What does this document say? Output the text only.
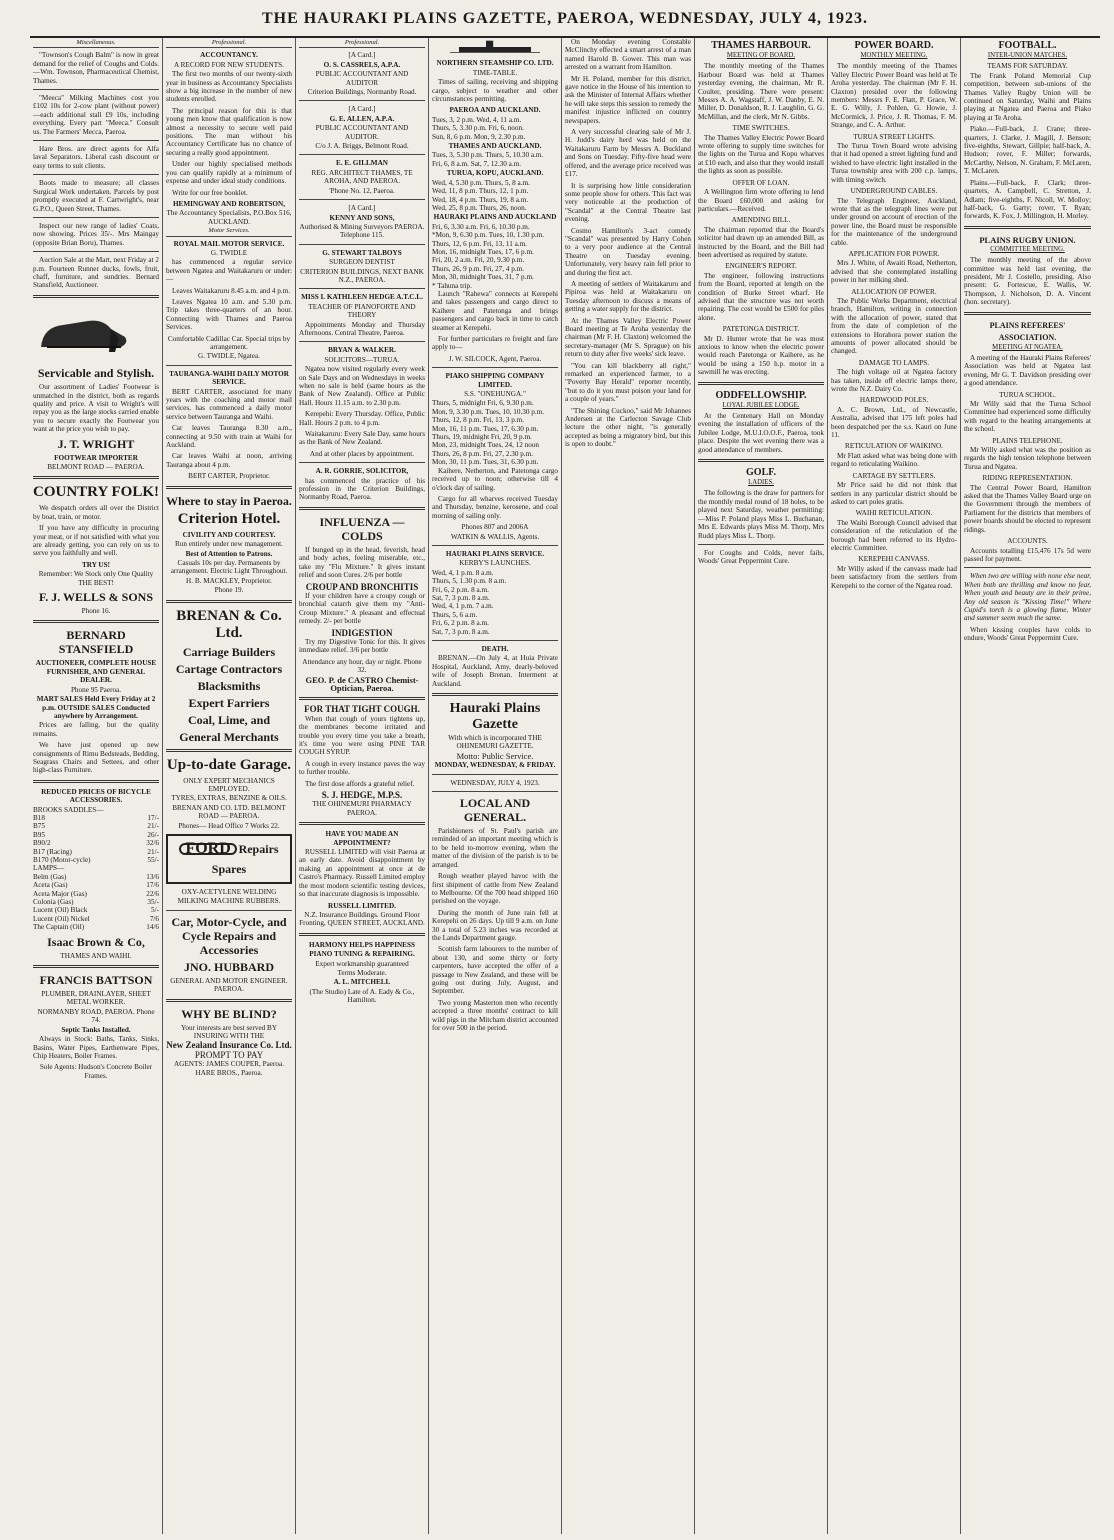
THE HAURAKI PLAINS GAZETTE, PAEROA, WEDNESDAY, JULY 4, 1923.
Miscellaneous.

"Townson's Cough Balm" is now in great demand for the relief of Coughs and Colds.—Wm. Townson, Pharmaceutical Chemist, Thames.

"Meeca" Milking Machines cost you £102 10s for 2-cow plant (without power)—each additional stall £9 10s, including everything. Every part "Meeca." Consult us. The Farmers' Mecca, Paeroa.

Hare Bros. are direct agents for Alfa laval Separators. Liberal cash discount or easy terms to suit clients.

Boots made to measure; all classes Surgical Work undertaken. Parcels by post promptly executed at F. Cartwright's, near G.P.O., Queen Street, Thames.

Inspect our new range of ladies' Coats, now showing. Prices 35/-. Mrs Maingay (opposite Brian Boru), Thames.

Auction Sale at the Mart, next Friday at 2 p.m. Fourteen Runner ducks, fowls, fruit, chaff, furniture, and sundries. Bernard Stansfield, Auctioneer.

Servicable and Stylish.

Our assortment of Ladies' Footwear is unmatched in the district, both as regards quality and price. A visit to Wright's will repay you as the large stocks carried enable you to secure exactly the Footwear you want at the price you wish to pay.

J. T. WRIGHT
FOOTWEAR IMPORTER
BELMONT ROAD — PAEROA.
COUNTRY FOLK!

We despatch orders all over the District by boat, train, or motor.

If you have any difficulty in procuring your meat, or if not satisfied with what you are already getting, you can rely on us to serve you faithfully and well.

TRY US!
Remember: We Stock only One Quality THE BEST!
F. J. WELLS & SONS
Phone 16.
BERNARD STANSFIELD
AUCTIONEER, COMPLETE HOUSE FURNISHER, AND GENERAL DEALER.
Phone 95 Paeroa.
MART SALES Held Every Friday at 2 p.m. OUTSIDE SALES Conducted anywhere by Arrangement.

Prices are falling, but the quality remains.

We have just opened up new consignments of Rimu Bedsteads, Bedding, Seagrass Chairs and Settees, and other high-class Furniture.

REDUCED PRICES OF BICYCLE ACCESSORIES.
BROOKS SADDLES—
B18	17/-
B75	21/-
B95	26/-
B90/2	32/6
B17 (Racing)	21/-
B170 (Motor-cycle)	55/-
LAMPS—
Belm (Gas)	13/6
Aceta (Gas)	17/6
Aceta Major (Gas)	22/6
Colonia (Gas)	35/-
Lucent (Oil) Black	5/-
Lucent (Oil) Nickel	7/6
The Captain (Oil)	14/6
Isaac Brown & Co,
THAMES AND WAIHI.
FRANCIS BATTSON
PLUMBER, DRAINLAYER, SHEET METAL WORKER.
NORMANBY ROAD, PAEROA. Phone 74.
Septic Tanks Installed.

Always in Stock: Baths, Tanks, Sinks, Basins, Water Pipes, Earthenware Pipes, Chip Heaters, Boiler Frames.

Sole Agents: Hudson's Concrete Boiler Frames.
Professional.
ACCOUNTANCY.
A RECORD FOR NEW STUDENTS.

The first two months of our twenty-sixth year in business as Accountancy Specialists show a big increase in the number of new students enrolled.

The principal reason for this is that young men know that qualification is now almost a necessity to secure well paid positions. The man without his Accountancy Certificate has no chance of securing a really good appointment.

Under our highly specialised methods you can qualify rapidly at a minimum of expense and under ideal study conditions.

Write for our free booklet.

HEMINGWAY AND ROBERTSON,
The Accountancy Specialists, P.O.Box 516, AUCKLAND.
Motor Services.
ROYAL MAIL MOTOR SERVICE.
G. TWIDLE

has commenced a regular service between Ngatea and Waitakaruru or under:—

Leaves Waitakaruru 8.45 a.m. and 4 p.m.

Leaves Ngatea 10 a.m. and 5.30 p.m. Trip takes three-quarters of an hour. Connecting with Thames and Paeroa Services.

Comfortable Cadillac Car. Special trips by arrangement.
G. TWIDLE, Ngatea.
TAURANGA-WAIHI DAILY MOTOR SERVICE.

BERT CARTER, associated for many years with the coaching and motor mail services, has commenced a daily motor service between Tauranga and Waihi.

Car leaves Tauranga 8.30 a.m., connecting at 9.50 with train at Waihi for Auckland.

Car leaves Waihi at noon, arriving Tauranga about 4 p.m.

BERT CARTER, Proprietor.
Where to stay in Paeroa.
Criterion Hotel.
CIVILITY AND COURTESY.
Run entirely under new management.
Best of Attention to Patrons.
Casuals 10s per day. Permanents by arrangement. Electric Light Throughout.
H. B. MACKLEY, Proprietor.
Phone 19.
BRENAN & Co. Ltd.
Carriage Builders
Cartage Contractors
Blacksmiths
Expert Farriers
Coal, Lime, and
General Merchants
Up-to-date Garage.
ONLY EXPERT MECHANICS EMPLOYED.
TYRES, EXTRAS, BENZINE & OILS.
BRENAN AND CO. LTD. BELMONT ROAD — PAEROA.
Phones— Head Office 7 Works 22.
FORD Repairs
Spares
OXY-ACETYLENE WELDING
MILKING MACHINE RUBBERS.
Car, Motor-Cycle, and Cycle Repairs and Accessories
JNO. HUBBARD
GENERAL AND MOTOR ENGINEER. PAEROA.
WHY BE BLIND?
Your interests are best served BY INSURING WITH THE
New Zealand Insurance Co. Ltd.
PROMPT TO PAY
AGENTS: JAMES COUPER, Paeroa. HARE BROS., Paeroa.
Professional.
[A Card.]
O. S. CASSRELS, A.P.A.
PUBLIC ACCOUNTANT AND AUDITOR
Criterion Buildings, Normanby Road.
[A Card.]
G. E. ALLEN, A.P.A.
PUBLIC ACCOUNTANT AND AUDITOR.
C/o J. A. Briggs, Belmont Road.
E. E. GILLMAN
REG. ARCHITECT THAMES, TE AROHA, AND PAEROA.
'Phone No. 12, Paeroa.
[A Card.]
KENNY AND SONS,
Authorised & Mining Surveyors PAEROA. Telephone 115.
G. STEWART TALBOYS
SURGEON DENTIST
CRITERION BUILDINGS, NEXT BANK N.Z., PAEROA.
MISS I. KATHLEEN HEDGE A.T.C.L.
TEACHER OF PIANOFORTE AND THEORY

Appointments Monday and Thursday Afternoons. Central Theatre, Paeroa.

BRYAN & WALKER.
SOLICITORS—TURUA.

Ngatea now visited regularly every week on Sale Days and on Wednesdays in weeks when no sale is held (same hours as the Bank of New Zealand). Office at Public Hall. Hours 11.15 a.m. to 2.30 p.m.

Kerepehi: Every Thursday. Office, Public Hall. Hours 2 p.m. to 4 p.m.

Waitakaruru: Every Sale Day, same hours as the Bank of New Zealand.

And at other places by appointment.
A. R. GORRIE, SOLICITOR,

has commenced the practice of his profession in the Criterion Buildings, Normanby Road, Paeroa.

INFLUENZA — COLDS

If bunged up in the head, feverish, head and body aches, feeling miserable, etc., take my "Flu Mixture." It gives instant relief and soon Cures. 2/6 per bottle

CROUP AND BRONCHITIS

If your children have a croupy cough or bronchial catarrh give them my "Anti-Croup Mixture." A pleasant and effectual remedy. 2/- per bottle

INDIGESTION

Try my Digestive Tonic for this. It gives immediate relief. 3/6 per bottle

Attendance any hour, day or night. Phone 32.
GEO. P. de CASTRO Chemist-Optician, Paeroa.
FOR THAT TIGHT COUGH.

When that cough of yours tightens up, the membranes become irritated and trouble you every time you take a breath, it's time you were using PINE TAR COUGH SYRUP.

A cough in every instance paves the way to further trouble.

The first dose affords a grateful relief.

S. J. HEDGE, M.P.S.
THE OHINEMURI PHARMACY PAEROA.
HAVE YOU MADE AN APPOINTMENT?

RUSSELL LIMITED will visit Paeroa at an early date. Avoid disappointment by making an appointment at once at de Castro's Pharmacy. Russell Limited employ the most modern scientific testing devices, so that inaccurate diagnosis is impossible.

RUSSELL LIMITED.
N.Z. Insurance Buildings. Ground Floor Fronting, QUEEN STREET, AUCKLAND.
HARMONY HELPS HAPPINESS
PIANO TUNING & REPAIRING.
Expert workmanship guaranteed
Terms Moderate.
A. L. MITCHELL
(The Studio) Late of A. Eady & Co., Hamilton.
NORTHERN STEAMSHIP CO. LTD.
TIME-TABLE.

Times of sailing, receiving and shipping cargo, subject to weather and other circumstances permitting.

PAEROA AND AUCKLAND.
Tues, 3, 2 p.m. Wed, 4, 11 a.m.
Thurs, 5, 3.30 p.m. Fri, 6, noon.
Sun, 8, 6 p.m. Mon, 9, 2.30 p.m.
THAMES AND AUCKLAND.
Tues, 3, 5.30 p.m. Thurs, 5, 10.30 a.m.
Fri, 6, 8 a.m. Sat, 7, 12.30 a.m.
TURUA, KOPU, AUCKLAND.
Wed, 4, 5.30 p.m. Thurs, 5, 8 a.m.
Wed, 11, 8 p.m. Thurs, 12, 1 p.m.
Wed, 18, 4 p.m. Thurs, 19, 8 a.m.
Wed, 25, 8 p.m. Thurs, 26, noon.
HAURAKI PLAINS AND AUCKLAND
Fri, 6, 3.30 a.m. Fri, 6, 10.30 p.m.
*Mon, 9, 6.30 p.m. Tues, 10, 1.30 p.m.
Thurs, 12, 6 p.m. Fri, 13, 11 a.m.
Mon, 16, midnight Tues, 17, 6 p.m.
Fri, 20, 2 a.m. Fri, 20, 9.30 p.m.
Thurs, 26, 9 p.m. Fri, 27, 4 p.m.
Mon, 30, midnight Tues, 31, 7 p.m.
* Tahuna trip.

Launch "Rahewa" connects at Kerepehi and takes passengers and cargo direct to Kaihere and Patetonga and brings passengers and cargo back in time to catch steamer at Kerepehi.

For further particulars re freight and fare apply to—

J. W. SILCOCK, Agent, Paeroa.
PIAKO SHIPPING COMPANY LIMITED.
S.S. "ONEHUNGA."
Thurs, 5, midnight Fri, 6, 9.30 p.m.
Mon, 9, 3.30 p.m. Tues, 10, 10.30 p.m.
Thurs, 12, 8 p.m. Fri, 13, 3 p.m.
Mon, 16, 11 p.m. Tues, 17, 6.30 p.m.
Thurs, 19, midnight Fri, 20, 9 p.m.
Mon, 23, midnight Tues, 24, 12 noon
Thurs, 26, 8 p.m. Fri, 27, 2.30 p.m.
Mon, 30, 11 p.m. Tues, 31, 6.30 p.m.

Kaihere, Netherton, and Patetonga cargo received up to noon; otherwise till 4 o'clock day of sailing.

Cargo for all wharves received Tuesday and Thursday, benzine, kerosene, and coal morning of sailing only.

Phones 807 and 2006A
WATKIN & WALLIS, Agents.
HAURAKI PLAINS SERVICE.
KERBY'S LAUNCHES.
Wed, 4, 1 p.m. 8 a.m.
Thurs, 5, 1.30 p.m. 8 a.m.
Fri, 6, 2 p.m. 8 a.m.
Sat, 7, 3 p.m. 8 a.m.
Wed, 4, 1 p.m. 7 a.m.
Thurs, 5, 6 a.m.
Fri, 6, 2 p.m. 8 a.m.
Sat, 7, 3 p.m. 8 a.m.
DEATH.

BRENAN.—On July 4, at Huia Private Hospital, Auckland, Amy, dearly-beloved wife of Joseph Brenan. Interment at Auckland.

Hauraki Plains Gazette
With which is incorporated THE OHINEMURI GAZETTE.
Motto: Public Service.
MONDAY, WEDNESDAY, & FRIDAY.
WEDNESDAY, JULY 4, 1923.
LOCAL AND GENERAL.

Parishioners of St. Paul's parish are reminded of an important meeting which is to be held to-morrow evening, when the matter of the division of the parish is to be arranged.

Rough weather played havoc with the first shipment of cattle from New Zealand to Melbourne. Of the 700 head shipped 160 perished on the voyage.

During the month of June rain fell at Kerepehi on 26 days. Up till 9 a.m. on June 30 a total of 5.23 inches was recorded at the Lands Department gauge.

Scottish farm labourers to the number of about 130, and some thirty or forty carpenters, have accepted the offer of a passage to New Zealand, and these will be going out during July, August, and September.

Two young Masterton men who recently accepted a three months' contract to kill wild pigs in the Mitcham district accounted for over 500 in the period.

On Monday evening Constable McClinchy effected a smart arrest of a man named Harold B. Gower. This man was arrested on a warrant from Hamilton.

Mr H. Poland, member for this district, gave notice in the House of his intention to ask the Minister of Internal Affairs whether he will take steps this session to remedy the manifest injustice inflicted on country newspapers.

A very successful clearing sale of Mr J. H. Judd's dairy herd was held on the Waitakaruru Farm by Messrs A. Buckland and Sons on Tuesday. Fifty-five head were offered, and the average price received was £17.

It is surprising how little consideration some people show for others. This fact was very noticeable at the production of "Scandal" at the Central Theatre last evening.

Cosmo Hamilton's 3-act comedy "Scandal" was presented by Harry Cohen to a very poor audience at the Central Theatre on Tuesday evening. Unfortunately, very heavy rain fell prior to and during the first act.

A meeting of settlers of Waitakaruru and Pipiroa was held at Waitakaruru on Tuesday afternoon to discuss a means of getting a water supply for the district.

At the Thames Valley Electric Power Board meeting at Te Aroha yesterday the chairman (Mr F. H. Claxton) welcomed the secretary-manager (Mr S. Sprague) on his return to duty after five weeks' sick leave.

"You can kill blackberry all right," remarked an experienced farmer, to a "Poverty Bay Herald" reporter recently, "but to do it you must poison your land for a couple of years."

"The Shining Cuckoo," said Mr Johannes Andersen at the Carlecton Savage Club lecture the other night, "is generally accepted as being a migratory bird, but this is open to doubt."

THAMES HARBOUR.
MEETING OF BOARD.

The monthly meeting of the Thames Harbour Board was held at Thames yesterday evening, the chairman, Mr R. Coulter, presiding. There were present: Messrs A. A. Wagstaff, J. W. Danby, E. N. Miller, D. Donaldson, R. J. Laughlin, G. G. McMillan, and the clerk, Mr N. Gibbs.

TIME SWITCHES.

The Thames Valley Electric Power Board wrote offering to supply time switches for the lights on the Turua and Kopu wharves at £10 each, and also that they would install the lights as soon as possible.

OFFER OF LOAN.

A Wellington firm wrote offering to lend the Board £60,000 and asking for particulars.—Received.

AMENDING BILL.

The chairman reported that the Board's solicitor had drawn up an amended Bill, as instructed by the Board, and the Bill had been advertised as required by statute.

ENGINEER'S REPORT.

The engineer, following instructions from the Board, reported at length on the condition of Burke Street wharf. He advised that the structure was not worth repairing. The cost would be £500 for piles alone.

PATETONGA DISTRICT.

Mr D. Hunter wrote that he was most anxious to know when the electric power would reach Patetonga or Kaihere, as he would be using a 150 h.p. motor in a sawmill he was erecting.

ODDFELLOWSHIP.
LOYAL JUBILEE LODGE.

At the Centenary Hall on Monday evening the installation of officers of the Jubilee Lodge, M.U.I.O.O.F., Paeroa, took place. Despite the wet evening there was a good attendance of members.

GOLF.
LADIES.

The following is the draw for partners for the monthly medal round of 18 holes, to be played next Saturday, weather permitting:—Miss P. Poland plays Miss L. Buchanan, Mrs E. Edwards plays Miss M. Thorp, Mrs Rudd plays Miss L. Thorp.

For Coughs and Colds, never fails, Woods' Great Peppermint Cure.

POWER BOARD.
MONTHLY MEETING.

The monthly meeting of the Thames Valley Electric Power Board was held at Te Aroha yesterday. The chairman (Mr F. H. Claxton) presided over the following members: Messrs F. E. Flatt, P. Grace, W. E. G. Willy, J. Pohlen, G. Howie, J. McCormick, J. Price, J. R. Thomas, F. M. Strange, and C. A. Arthur.

TURUA STREET LIGHTS.

The Turua Town Board wrote advising that it had opened a street lighting fund and wished to have electric light installed in the Turua township area with 200 c.p. lamps, with timing switch.

UNDERGROUND CABLES.

The Telegraph Engineer, Auckland, wrote that as the telegraph lines were put under ground on account of erection of the power line, the Board must be responsible for the maintenance of the underground cable.

APPLICATION FOR POWER.

Mrs J. White, of Awaiti Road, Netherton, advised that she contemplated installing power in her milking shed.

ALLOCATION OF POWER.

The Public Works Department, electrical branch, Hamilton, writing in connection with the allocation of power, stated that from the date of completion of the extensions to Horahora power station the amounts of power allocated should be changed.

DAMAGE TO LAMPS.

The high voltage oil at Ngatea factory has taken, inside off electric lamps there, wrote the N.Z. Dairy Co.

HARDWOOD POLES.

A. C. Brown, Ltd., of Newcastle, Australia, advised that 175 left poles had been despatched per the s.s. Kauri on June 11.

RETICULATION OF WAIKINO.

Mr Flatt asked what was being done with regard to reticulating Waikino.

CARTAGE BY SETTLERS.

Mr Price said he did not think that settlers in any particular district should be asked to cart poles gratis.

WAIHI RETICULATION.

The Waihi Borough Council advised that consideration of the reticulation of the borough had been referred to its Hydro-electric Committee.

KEREPEHI CANVASS.

Mr Willy asked if the canvass made had been satisfactory from the settlers from Kerepehi to the corner of the Ngatea road.

FOOTBALL.
INTER-UNION MATCHES.
TEAMS FOR SATURDAY.

The Frank Poland Memorial Cup competition, between sub-unions of the Thames Valley Rugby Union will be continued on Saturday, Waihi and Plains playing at Ngatea and Paeroa and Piako playing at Te Aroha.

Piako.—Full-back, J. Crane; three-quarters, J. Clarke, J. Magill, J. Benson; five-eighths, Stewart, Gillpie; half-back, A. Hudson; rover, F. Miller; forwards, McCarthy, Nelson, N. Graham, F. McLaren, T. McLaren.

Plains.—Full-back, F. Clark; three-quarters, A. Campbell, C. Stretton, J. Adlam; five-eighths, F. Nicoll, W. Molloy; half-back, G. Garty; rover, T. Ryan; forwards, K. Fox, J. Millington, H. Morley.

PLAINS RUGBY UNION.
COMMITTEE MEETING.

The monthly meeting of the above committee was held last evening, the president, Mr J. Costello, presiding. Also present: G. Fortescue, E. Wallis, W. Thompson, J. Nicholson, D. A. Vincent (hon. secretary).

PLAINS REFEREES' ASSOCIATION.
MEETING AT NGATEA.

A meeting of the Hauraki Plains Referees' Association was held at Ngatea last evening, Mr G. T. Davidson presiding over a good attendance.

TURUA SCHOOL.

Mr Willy said that the Turua School Committee had experienced some difficulty with regard to the heating arrangements at the school.

PLAINS TELEPHONE.

Mr Willy asked what was the position as regards the high tension telephone between Turua and Ngatea.

RIDING REPRESENTATION.

The Central Power Board, Hamilton asked that the Thames Valley Board urge on the Government through the members of Parliament for the districts that members of power boards should be elected to represent ridings.

ACCOUNTS.

Accounts totalling £15,476 17s 5d were passed for payment.

When two are willing with none else near, When both are thrilling and know no fear, When youth and beauty are in their prime, Any old season is "Kissing Time!" Where Cupid's torch is a glowing flame, Winter and summer seem much the same.

When kissing couples have colds to endure, Woods' Great Peppermint Cure.
